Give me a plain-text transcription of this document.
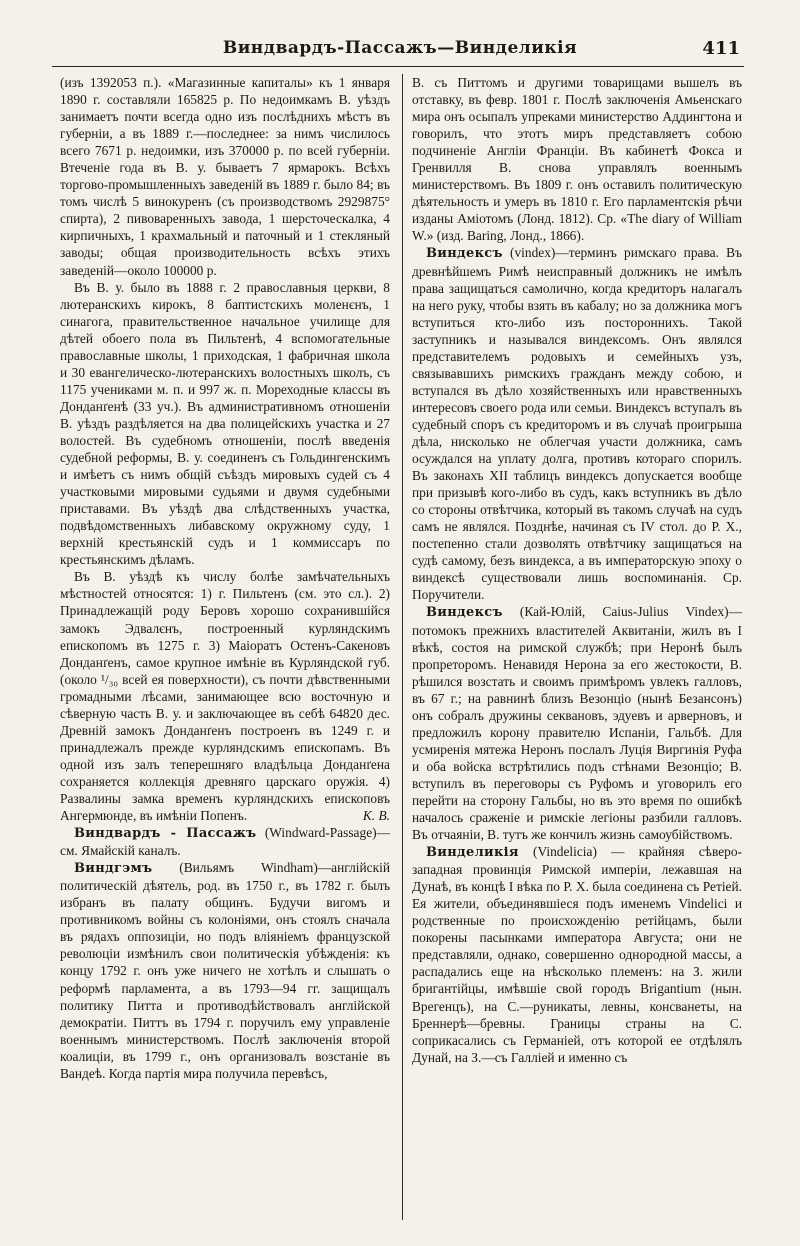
Виндвардъ-Пассажъ—Винделикія	411

(изъ 1392053 п.). «Магазинные капиталы» къ 1 января 1890 г. составляли 165825 р. По недоимкамъ В. уѣздъ занимаетъ почти всегда одно изъ послѣднихъ мѣстъ въ губерніи, а въ 1889 г.—последнее: за нимъ числилось всего 7671 р. недоимки, изъ 370000 р. по всей губерніи. Втеченіе года въ В. у. бываетъ 7 ярмарокъ. Всѣхъ торгово-промышленныхъ заведеній въ 1889 г. было 84; въ томъ числѣ 5 винокуренъ (съ производствомъ 2929875° спирта), 2 пивоваренныхъ завода, 1 шерсточескалка, 4 кирпичныхъ, 1 крахмальный и паточный и 1 стекляный заводы; общая производительность всѣхъ этихъ заведеній—около 100000 р.

Въ В. у. было въ 1888 г. 2 православныя церкви, 8 лютеранскихъ кирокъ, 8 баптистскихъ моленєнъ, 1 синагога, правительственное начальное училище для дѣтей обоего пола въ Пильтенѣ, 4 вспомогательные православные школы, 1 приходская, 1 фабричная школа и 30 евангелическо-лютеранскихъ волостныхъ школъ, съ 1175 учениками м. п. и 997 ж. п. Мореходные классы въ Донданґенѣ (33 уч.). Въ административномъ отношеніи В. уѣздъ раздѣляется на два полицейскихъ участка и 27 волостей. Въ судебномъ отношеніи, послѣ введенія судебной реформы, В. у. соединенъ съ Гольдингенскимъ и имѣетъ съ нимъ общій съѣздъ мировыхъ судей съ 4 участковыми мировыми судьями и двумя судебными приставами. Въ уѣздѣ два слѣдственныхъ участка, подвѣдомственныхъ либавскому окружному суду, 1 верхній крестьянскій судъ и 1 коммиссаръ по крестьянскимъ дѣламъ.

Въ В. уѣздѣ къ числу болѣе замѣчательныхъ мѣстностей относятся: 1) г. Пильтенъ (см. это сл.). 2) Принадлежащій роду Беровъ хорошо сохранившійся замокъ Эдвалєнъ, построенный курляндскимъ епископомъ въ 1275 г. 3) Маіоратъ Остенъ-Сакеновъ Донданґенъ, самое крупное имѣніе въ Курляндской губ. (около ¹/₃₀ всей ея поверхности), съ почти дѣвственными громадными лѣсами, занимающее всю восточную и сѣверную часть В. у. и заключающее въ себѣ 64820 дес. Древній замокъ Донданґенъ построенъ въ 1249 г. и принадлежалъ прежде курляндскимъ епископамъ. Въ одной изъ залъ теперешняго владѣльца Донданґена сохраняется коллекція древняго царскаго оружія. 4) Развалины замка временъ курляндскихъ епископовъ Ангермюнде, въ имѣніи Попенъ.	К. В.

Виндвардъ - Пассажъ (Windward-Passage)—см. Ямайскій каналъ.

Виндгэмъ (Вильямъ Windham)—англійскій политическій дѣятель, род. въ 1750 г., въ 1782 г. былъ избранъ въ палату общинъ. Будучи вигомъ и противникомъ войны съ колоніями, онъ стоялъ сначала въ рядахъ оппозиціи, но подъ вліяніемъ французской революціи измѣнилъ свои политическія убѣжденія: къ концу 1792 г. онъ уже ничего не хотѣлъ и слышать о реформѣ парламента, а въ 1793—94 гг. защищалъ политику Питта и противодѣйствовалъ англійской демократіи. Питтъ въ 1794 г. поручилъ ему управленіе военнымъ министерствомъ. Послѣ заключенія второй коалиціи, въ 1799 г., онъ организовалъ возстаніе въ Вандеѣ. Когда партія мира получила перевѣсъ,

В. съ Питтомъ и другими товарищами вышелъ въ отставку, въ февр. 1801 г. Послѣ заключенія Амьенскаго мира онъ осыпалъ упреками министерство Аддингтона и говорилъ, что этотъ миръ представляетъ собою подчиненіе Англіи Франціи. Въ кабинетѣ Фокса и Гренвилля В. снова управлялъ военнымъ министерствомъ. Въ 1809 г. онъ оставилъ политическую дѣятельность и умеръ въ 1810 г. Его парламентскія рѣчи изданы Аміотомъ (Лонд. 1812). Ср. «The diary of William W.» (изд. Baring, Лонд., 1866).

Виндексъ (vindex)—терминъ римскаго права. Въ древнѣйшемъ Римѣ неисправный должникъ не имѣлъ права защищаться самолично, когда кредиторъ налагалъ на него руку, чтобы взять въ кабалу; но за должника могъ вступиться кто-либо изъ постороннихъ. Такой заступникъ и назывался виндексомъ. Онъ являлся представителемъ родовыхъ и семейныхъ узъ, связывавшихъ римскихъ гражданъ между собою, и вступался въ дѣло хозяйственныхъ или нравственныхъ интересовъ своего рода или семьи. Виндексъ вступалъ въ судебный споръ съ кредиторомъ и въ случаѣ проигрыша дѣла, нисколько не облегчая участи должника, самъ осуждался на уплату долга, противъ котораго спорилъ. Въ законахъ XII таблицъ виндексъ допускается вообще при призывѣ кого-либо въ судъ, какъ вступникъ въ дѣло со стороны отвѣтчика, который въ такомъ случаѣ на судъ самъ не являлся. Позднѣе, начиная съ IV стол. до Р. Х., постепенно стали дозволять отвѣтчику защищаться на судѣ самому, безъ виндекса, а въ императорскую эпоху о виндексѣ существовали лишь воспоминанія. Ср. Поручители.

Виндексъ (Кай-Юлій, Caius-Julius Vindex)—потомокъ прежнихъ властителей Аквитаніи, жилъ въ I вѣкѣ, состоя на римской службѣ; при Неронѣ былъ пропреторомъ. Ненавидя Нерона за его жестокости, В. рѣшился возстать и своимъ примѣромъ увлекъ галловъ, въ 67 г.; на равнинѣ близъ Везонціо (нынѣ Безансонъ) онъ собралъ дружины секвановъ, эдуевъ и арверновъ, и предложилъ корону правителю Испаніи, Гальбѣ. Для усмиренія мятежа Неронъ послалъ Луція Виргинія Руфа и оба войска встрѣтились подъ стѣнами Везонціо; В. вступилъ въ переговоры съ Руфомъ и уговорилъ его перейти на сторону Гальбы, но въ это время по ошибкѣ началось сраженіе и римскіе легіоны разбили галловъ. Въ отчаяніи, В. тутъ же кончилъ жизнь самоубійствомъ.

Винделикія (Vindelicia) — крайняя сѣверо-западная провинція Римской имперіи, лежавшая на Дунаѣ, въ концѣ I вѣка по Р. Х. была соединена съ Ретіей. Ея жители, объединявшіеся подъ именемъ Vindelici и родственные по происхожденію ретійцамъ, были покорены пасынками императора Августа; они не представляли, однако, совершенно однородной массы, а распадались еще на нѣсколько племенъ: на З. жили бригантійцы, имѣвшіе свой городъ Brigantium (нын. Врегенцъ), на С.—руникаты, левны, консванеты, на Бреннерѣ—бревны. Границы страны на С. соприкасались съ Германіей, отъ которой ее отдѣлялъ Дунай, на З.—съ Галліей и именно съ
